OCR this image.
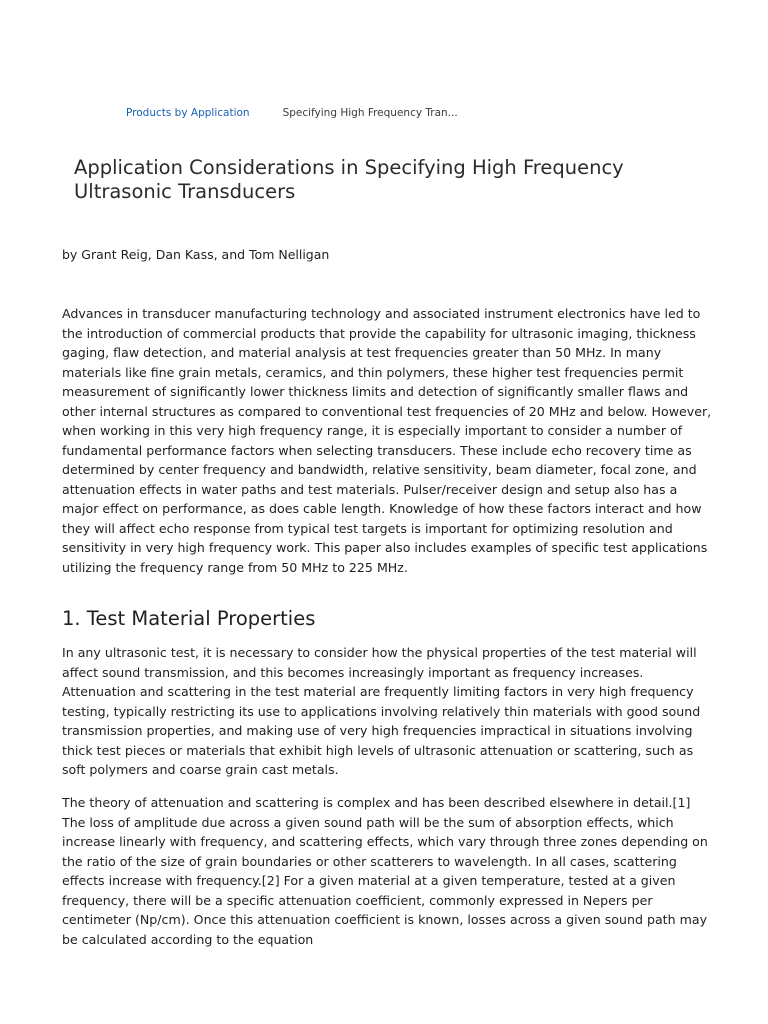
Products by Application	Specifying High Frequency Tran...
Application Considerations in Specifying High Frequency Ultrasonic Transducers

by Grant Reig, Dan Kass, and Tom Nelligan

Advances in transducer manufacturing technology and associated instrument electronics have led to the introduction of commercial products that provide the capability for ultrasonic imaging, thickness gaging, flaw detection, and material analysis at test frequencies greater than 50 MHz. In many materials like fine grain metals, ceramics, and thin polymers, these higher test frequencies permit measurement of significantly lower thickness limits and detection of significantly smaller flaws and other internal structures as compared to conventional test frequencies of 20 MHz and below. However, when working in this very high frequency range, it is especially important to consider a number of fundamental performance factors when selecting transducers. These include echo recovery time as determined by center frequency and bandwidth, relative sensitivity, beam diameter, focal zone, and attenuation effects in water paths and test materials. Pulser/receiver design and setup also has a major effect on performance, as does cable length. Knowledge of how these factors interact and how they will affect echo response from typical test targets is important for optimizing resolution and sensitivity in very high frequency work. This paper also includes examples of specific test applications utilizing the frequency range from 50 MHz to 225 MHz.

1. Test Material Properties

In any ultrasonic test, it is necessary to consider how the physical properties of the test material will affect sound transmission, and this becomes increasingly important as frequency increases. Attenuation and scattering in the test material are frequently limiting factors in very high frequency testing, typically restricting its use to applications involving relatively thin materials with good sound transmission properties, and making use of very high frequencies impractical in situations involving thick test pieces or materials that exhibit high levels of ultrasonic attenuation or scattering, such as soft polymers and coarse grain cast metals.

The theory of attenuation and scattering is complex and has been described elsewhere in detail.[1] The loss of amplitude due across a given sound path will be the sum of absorption effects, which increase linearly with frequency, and scattering effects, which vary through three zones depending on the ratio of the size of grain boundaries or other scatterers to wavelength. In all cases, scattering effects increase with frequency.[2] For a given material at a given temperature, tested at a given frequency, there will be a specific attenuation coefficient, commonly expressed in Nepers per centimeter (Np/cm). Once this attenuation coefficient is known, losses across a given sound path may be calculated according to the equation
